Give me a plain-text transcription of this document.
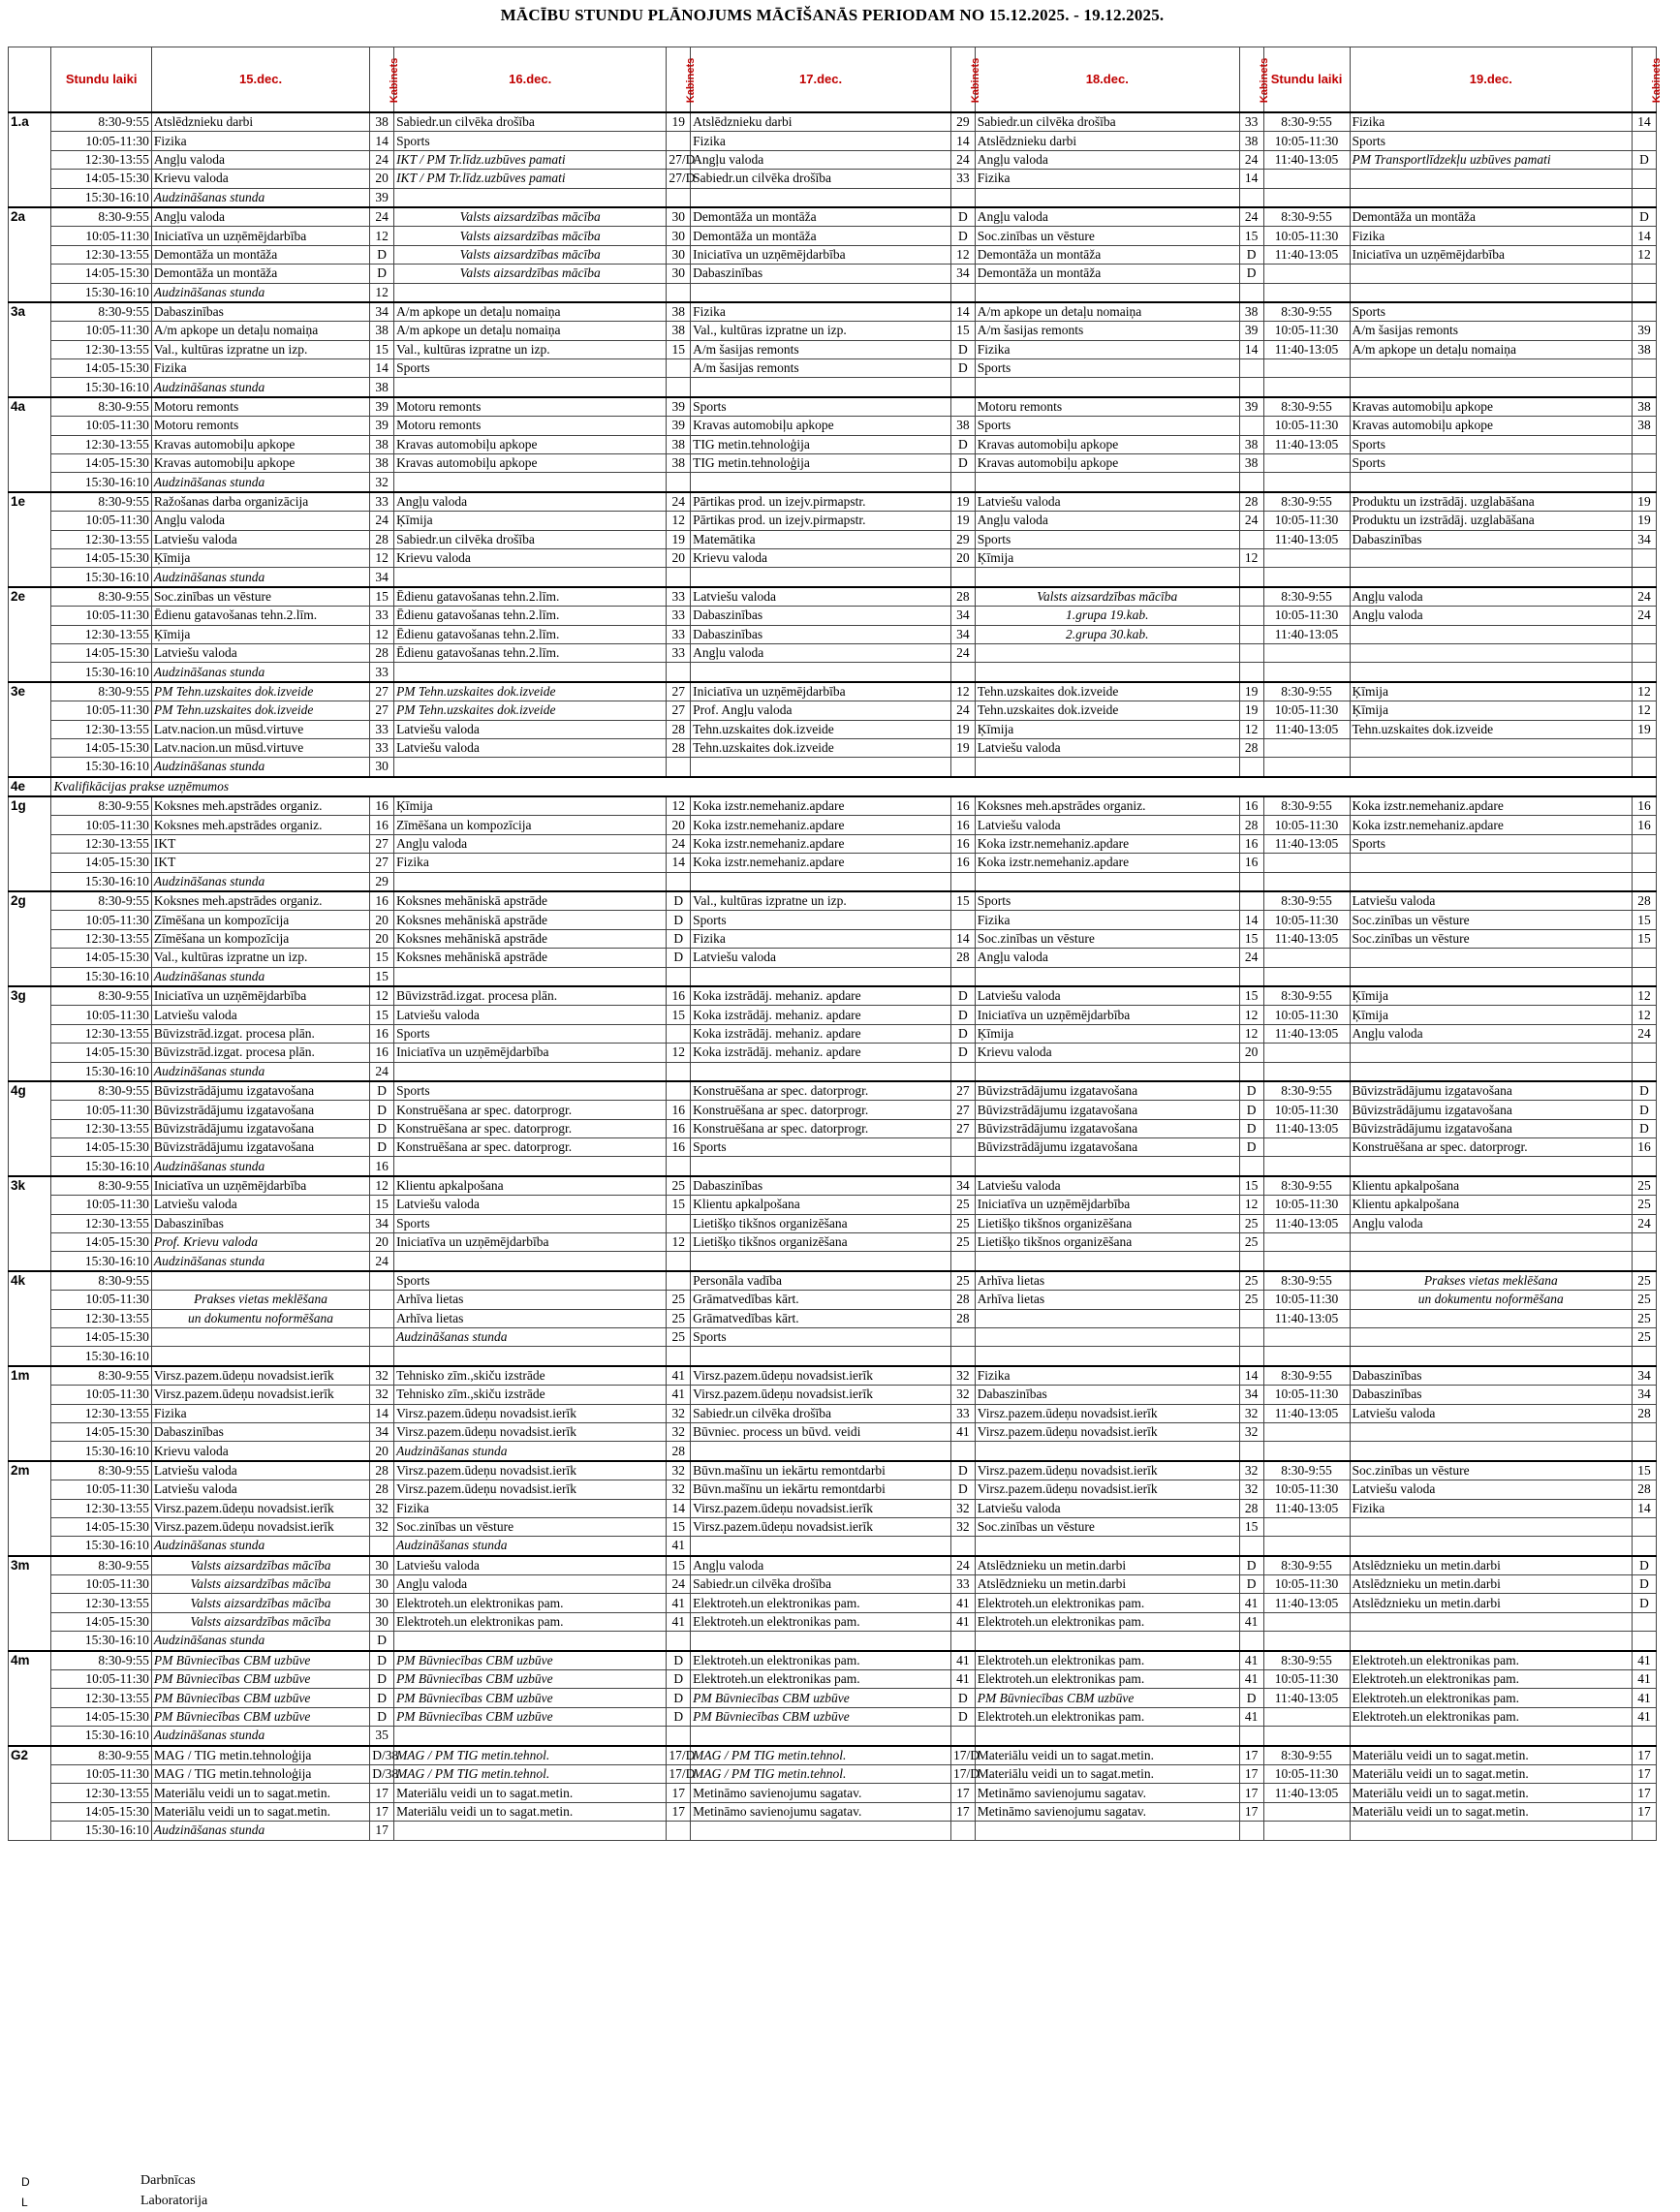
MĀCĪBU STUNDU PLĀNOJUMS MĀCĪŠANĀS PERIODAM NO 15.12.2025. - 19.12.2025.
	Stundu laiki	15.dec.	Kabinets	16.dec.	Kabinets	17.dec.	Kabinets	18.dec.	Kabinets	Stundu laiki	19.dec.	Kabinets
1.a	8:30-9:55	Atslēdznieku darbi	38	Sabiedr.un cilvēka drošība	19	Atslēdznieku darbi	29	Sabiedr.un cilvēka drošība	33	8:30-9:55	Fizika	14
	10:05-11:30	Fizika	14	Sports		Fizika	14	Atslēdznieku darbi	38	10:05-11:30	Sports	
	12:30-13:55	Angļu valoda	24	IKT / PM Tr.līdz.uzbūves pamati	27/D	Angļu valoda	24	Angļu valoda	24	11:40-13:05	PM Transportlīdzekļu uzbūves pamati	D
	14:05-15:30	Krievu valoda	20	IKT / PM Tr.līdz.uzbūves pamati	27/D	Sabiedr.un cilvēka drošība	33	Fizika	14			
	15:30-16:10	Audzināšanas stunda	39									
2a	8:30-9:55	Angļu valoda	24	Valsts aizsardzības mācība	30	Demontāža un montāža	D	Angļu valoda	24	8:30-9:55	Demontāža un montāža	D
	10:05-11:30	Iniciatīva un uzņēmējdarbība	12	Valsts aizsardzības mācība	30	Demontāža un montāža	D	Soc.zinības un vēsture	15	10:05-11:30	Fizika	14
	12:30-13:55	Demontāža un montāža	D	Valsts aizsardzības mācība	30	Iniciatīva un uzņēmējdarbība	12	Demontāža un montāža	D	11:40-13:05	Iniciatīva un uzņēmējdarbība	12
	14:05-15:30	Demontāža un montāža	D	Valsts aizsardzības mācība	30	Dabaszinības	34	Demontāža un montāža	D			
	15:30-16:10	Audzināšanas stunda	12									
3a	8:30-9:55	Dabaszinības	34	A/m apkope un detaļu nomaiņa	38	Fizika	14	A/m apkope un detaļu nomaiņa	38	8:30-9:55	Sports	
	10:05-11:30	A/m apkope un detaļu nomaiņa	38	A/m apkope un detaļu nomaiņa	38	Val., kultūras izpratne un izp.	15	A/m šasijas remonts	39	10:05-11:30	A/m šasijas remonts	39
	12:30-13:55	Val., kultūras izpratne un izp.	15	Val., kultūras izpratne un izp.	15	A/m šasijas remonts	D	Fizika	14	11:40-13:05	A/m apkope un detaļu nomaiņa	38
	14:05-15:30	Fizika	14	Sports		A/m šasijas remonts	D	Sports				
	15:30-16:10	Audzināšanas stunda	38									
4a	8:30-9:55	Motoru remonts	39	Motoru remonts	39	Sports		Motoru remonts	39	8:30-9:55	Kravas automobiļu apkope	38
	10:05-11:30	Motoru remonts	39	Motoru remonts	39	Kravas automobiļu apkope	38	Sports		10:05-11:30	Kravas automobiļu apkope	38
	12:30-13:55	Kravas automobiļu apkope	38	Kravas automobiļu apkope	38	TIG metin.tehnoloģija	D	Kravas automobiļu apkope	38	11:40-13:05	Sports	
	14:05-15:30	Kravas automobiļu apkope	38	Kravas automobiļu apkope	38	TIG metin.tehnoloģija	D	Kravas automobiļu apkope	38		Sports	
	15:30-16:10	Audzināšanas stunda	32									
1e	8:30-9:55	Ražošanas darba organizācija	33	Angļu valoda	24	Pārtikas prod. un izejv.pirmapstr.	19	Latviešu valoda	28	8:30-9:55	Produktu un izstrādāj. uzglabāšana	19
	10:05-11:30	Angļu valoda	24	Ķīmija	12	Pārtikas prod. un izejv.pirmapstr.	19	Angļu valoda	24	10:05-11:30	Produktu un izstrādāj. uzglabāšana	19
	12:30-13:55	Latviešu valoda	28	Sabiedr.un cilvēka drošība	19	Matemātika	29	Sports		11:40-13:05	Dabaszinības	34
	14:05-15:30	Ķīmija	12	Krievu valoda	20	Krievu valoda	20	Ķīmija	12			
	15:30-16:10	Audzināšanas stunda	34									
2e	8:30-9:55	Soc.zinības un vēsture	15	Ēdienu gatavošanas tehn.2.līm.	33	Latviešu valoda	28	Valsts aizsardzības mācība		8:30-9:55	Angļu valoda	24
	10:05-11:30	Ēdienu gatavošanas tehn.2.līm.	33	Ēdienu gatavošanas tehn.2.līm.	33	Dabaszinības	34	1.grupa 19.kab.		10:05-11:30	Angļu valoda	24
	12:30-13:55	Ķīmija	12	Ēdienu gatavošanas tehn.2.līm.	33	Dabaszinības	34	2.grupa 30.kab.		11:40-13:05		
	14:05-15:30	Latviešu valoda	28	Ēdienu gatavošanas tehn.2.līm.	33	Angļu valoda	24					
	15:30-16:10	Audzināšanas stunda	33									
3e	8:30-9:55	PM Tehn.uzskaites dok.izveide	27	PM Tehn.uzskaites dok.izveide	27	Iniciatīva un uzņēmējdarbība	12	Tehn.uzskaites dok.izveide	19	8:30-9:55	Ķīmija	12
	10:05-11:30	PM Tehn.uzskaites dok.izveide	27	PM Tehn.uzskaites dok.izveide	27	Prof. Angļu valoda	24	Tehn.uzskaites dok.izveide	19	10:05-11:30	Ķīmija	12
	12:30-13:55	Latv.nacion.un mūsd.virtuve	33	Latviešu valoda	28	Tehn.uzskaites dok.izveide	19	Ķīmija	12	11:40-13:05	Tehn.uzskaites dok.izveide	19
	14:05-15:30	Latv.nacion.un mūsd.virtuve	33	Latviešu valoda	28	Tehn.uzskaites dok.izveide	19	Latviešu valoda	28			
	15:30-16:10	Audzināšanas stunda	30									
4e	Kvalifikācijas prakse uzņēmumos											
1g	8:30-9:55	Koksnes meh.apstrādes organiz.	16	Ķīmija	12	Koka izstr.nemehaniz.apdare	16	Koksnes meh.apstrādes organiz.	16	8:30-9:55	Koka izstr.nemehaniz.apdare	16
	10:05-11:30	Koksnes meh.apstrādes organiz.	16	Zīmēšana un kompozīcija	20	Koka izstr.nemehaniz.apdare	16	Latviešu valoda	28	10:05-11:30	Koka izstr.nemehaniz.apdare	16
	12:30-13:55	IKT	27	Angļu valoda	24	Koka izstr.nemehaniz.apdare	16	Koka izstr.nemehaniz.apdare	16	11:40-13:05	Sports	
	14:05-15:30	IKT	27	Fizika	14	Koka izstr.nemehaniz.apdare	16	Koka izstr.nemehaniz.apdare	16			
	15:30-16:10	Audzināšanas stunda	29									
2g	8:30-9:55	Koksnes meh.apstrādes organiz.	16	Koksnes mehāniskā apstrāde	D	Val., kultūras izpratne un izp.	15	Sports		8:30-9:55	Latviešu valoda	28
	10:05-11:30	Zīmēšana un kompozīcija	20	Koksnes mehāniskā apstrāde	D	Sports		Fizika	14	10:05-11:30	Soc.zinības un vēsture	15
	12:30-13:55	Zīmēšana un kompozīcija	20	Koksnes mehāniskā apstrāde	D	Fizika	14	Soc.zinības un vēsture	15	11:40-13:05	Soc.zinības un vēsture	15
	14:05-15:30	Val., kultūras izpratne un izp.	15	Koksnes mehāniskā apstrāde	D	Latviešu valoda	28	Angļu valoda	24			
	15:30-16:10	Audzināšanas stunda	15									
3g	8:30-9:55	Iniciatīva un uzņēmējdarbība	12	Būvizstrād.izgat. procesa plān.	16	Koka izstrādāj. mehaniz. apdare	D	Latviešu valoda	15	8:30-9:55	Ķīmija	12
	10:05-11:30	Latviešu valoda	15	Latviešu valoda	15	Koka izstrādāj. mehaniz. apdare	D	Iniciatīva un uzņēmējdarbība	12	10:05-11:30	Ķīmija	12
	12:30-13:55	Būvizstrād.izgat. procesa plān.	16	Sports		Koka izstrādāj. mehaniz. apdare	D	Ķīmija	12	11:40-13:05	Angļu valoda	24
	14:05-15:30	Būvizstrād.izgat. procesa plān.	16	Iniciatīva un uzņēmējdarbība	12	Koka izstrādāj. mehaniz. apdare	D	Krievu valoda	20			
	15:30-16:10	Audzināšanas stunda	24									
4g	8:30-9:55	Būvizstrādājumu izgatavošana	D	Sports		Konstruēšana ar spec. datorprogr.	27	Būvizstrādājumu izgatavošana	D	8:30-9:55	Būvizstrādājumu izgatavošana	D
	10:05-11:30	Būvizstrādājumu izgatavošana	D	Konstruēšana ar spec. datorprogr.	16	Konstruēšana ar spec. datorprogr.	27	Būvizstrādājumu izgatavošana	D	10:05-11:30	Būvizstrādājumu izgatavošana	D
	12:30-13:55	Būvizstrādājumu izgatavošana	D	Konstruēšana ar spec. datorprogr.	16	Konstruēšana ar spec. datorprogr.	27	Būvizstrādājumu izgatavošana	D	11:40-13:05	Būvizstrādājumu izgatavošana	D
	14:05-15:30	Būvizstrādājumu izgatavošana	D	Konstruēšana ar spec. datorprogr.	16	Sports		Būvizstrādājumu izgatavošana	D		Konstruēšana ar spec. datorprogr.	16
	15:30-16:10	Audzināšanas stunda	16									
3k	8:30-9:55	Iniciatīva un uzņēmējdarbība	12	Klientu apkalpošana	25	Dabaszinības	34	Latviešu valoda	15	8:30-9:55	Klientu apkalpošana	25
	10:05-11:30	Latviešu valoda	15	Latviešu valoda	15	Klientu apkalpošana	25	Iniciatīva un uzņēmējdarbība	12	10:05-11:30	Klientu apkalpošana	25
	12:30-13:55	Dabaszinības	34	Sports		Lietišķo tikšnos organizēšana	25	Lietišķo tikšnos organizēšana	25	11:40-13:05	Angļu valoda	24
	14:05-15:30	Prof. Krievu valoda	20	Iniciatīva un uzņēmējdarbība	12	Lietišķo tikšnos organizēšana	25	Lietišķo tikšnos organizēšana	25			
	15:30-16:10	Audzināšanas stunda	24									
4k	8:30-9:55			Sports		Personāla vadība	25	Arhīva lietas	25	8:30-9:55	Prakses vietas meklēšana	25
	10:05-11:30	Prakses vietas meklēšana		Arhīva lietas	25	Grāmatvedības kārt.	28	Arhīva lietas	25	10:05-11:30	un dokumentu noformēšana	25
	12:30-13:55	un dokumentu noformēšana		Arhīva lietas	25	Grāmatvedības kārt.	28			11:40-13:05		25
	14:05-15:30			Audzināšanas stunda	25	Sports						25
	15:30-16:10											
1m	8:30-9:55	Virsz.pazem.ūdeņu novadsist.ierīk	32	Tehnisko zīm.,skiču izstrāde	41	Virsz.pazem.ūdeņu novadsist.ierīk	32	Fizika	14	8:30-9:55	Dabaszinības	34
	10:05-11:30	Virsz.pazem.ūdeņu novadsist.ierīk	32	Tehnisko zīm.,skiču izstrāde	41	Virsz.pazem.ūdeņu novadsist.ierīk	32	Dabaszinības	34	10:05-11:30	Dabaszinības	34
	12:30-13:55	Fizika	14	Virsz.pazem.ūdeņu novadsist.ierīk	32	Sabiedr.un cilvēka drošība	33	Virsz.pazem.ūdeņu novadsist.ierīk	32	11:40-13:05	Latviešu valoda	28
	14:05-15:30	Dabaszinības	34	Virsz.pazem.ūdeņu novadsist.ierīk	32	Būvniec. process un būvd. veidi	41	Virsz.pazem.ūdeņu novadsist.ierīk	32			
	15:30-16:10	Krievu valoda	20	Audzināšanas stunda	28							
2m	8:30-9:55	Latviešu valoda	28	Virsz.pazem.ūdeņu novadsist.ierīk	32	Būvn.mašīnu un iekārtu remontdarbi	D	Virsz.pazem.ūdeņu novadsist.ierīk	32	8:30-9:55	Soc.zinības un vēsture	15
	10:05-11:30	Latviešu valoda	28	Virsz.pazem.ūdeņu novadsist.ierīk	32	Būvn.mašīnu un iekārtu remontdarbi	D	Virsz.pazem.ūdeņu novadsist.ierīk	32	10:05-11:30	Latviešu valoda	28
	12:30-13:55	Virsz.pazem.ūdeņu novadsist.ierīk	32	Fizika	14	Virsz.pazem.ūdeņu novadsist.ierīk	32	Latviešu valoda	28	11:40-13:05	Fizika	14
	14:05-15:30	Virsz.pazem.ūdeņu novadsist.ierīk	32	Soc.zinības un vēsture	15	Virsz.pazem.ūdeņu novadsist.ierīk	32	Soc.zinības un vēsture	15			
	15:30-16:10	Audzināšanas stunda		Audzināšanas stunda	41							
3m	8:30-9:55	Valsts aizsardzības mācība	30	Latviešu valoda	15	Angļu valoda	24	Atslēdznieku un metin.darbi	D	8:30-9:55	Atslēdznieku un metin.darbi	D
	10:05-11:30	Valsts aizsardzības mācība	30	Angļu valoda	24	Sabiedr.un cilvēka drošība	33	Atslēdznieku un metin.darbi	D	10:05-11:30	Atslēdznieku un metin.darbi	D
	12:30-13:55	Valsts aizsardzības mācība	30	Elektroteh.un elektronikas pam.	41	Elektroteh.un elektronikas pam.	41	Elektroteh.un elektronikas pam.	41	11:40-13:05	Atslēdznieku un metin.darbi	D
	14:05-15:30	Valsts aizsardzības mācība	30	Elektroteh.un elektronikas pam.	41	Elektroteh.un elektronikas pam.	41	Elektroteh.un elektronikas pam.	41			
	15:30-16:10	Audzināšanas stunda	D									
4m	8:30-9:55	PM Būvniecības CBM uzbūve	D	PM Būvniecības CBM uzbūve	D	Elektroteh.un elektronikas pam.	41	Elektroteh.un elektronikas pam.	41	8:30-9:55	Elektroteh.un elektronikas pam.	41
	10:05-11:30	PM Būvniecības CBM uzbūve	D	PM Būvniecības CBM uzbūve	D	Elektroteh.un elektronikas pam.	41	Elektroteh.un elektronikas pam.	41	10:05-11:30	Elektroteh.un elektronikas pam.	41
	12:30-13:55	PM Būvniecības CBM uzbūve	D	PM Būvniecības CBM uzbūve	D	PM Būvniecības CBM uzbūve	D	PM Būvniecības CBM uzbūve	D	11:40-13:05	Elektroteh.un elektronikas pam.	41
	14:05-15:30	PM Būvniecības CBM uzbūve	D	PM Būvniecības CBM uzbūve	D	PM Būvniecības CBM uzbūve	D	Elektroteh.un elektronikas pam.	41		Elektroteh.un elektronikas pam.	41
	15:30-16:10	Audzināšanas stunda	35									
G2	8:30-9:55	MAG / TIG metin.tehnoloģija	D/38	MAG / PM TIG metin.tehnol.	17/D	MAG / PM TIG metin.tehnol.	17/D	Materiālu veidi un to sagat.metin.	17	8:30-9:55	Materiālu veidi un to sagat.metin.	17
	10:05-11:30	MAG / TIG metin.tehnoloģija	D/38	MAG / PM TIG metin.tehnol.	17/D	MAG / PM TIG metin.tehnol.	17/D	Materiālu veidi un to sagat.metin.	17	10:05-11:30	Materiālu veidi un to sagat.metin.	17
	12:30-13:55	Materiālu veidi un to sagat.metin.	17	Materiālu veidi un to sagat.metin.	17	Metināmo savienojumu sagatav.	17	Metināmo savienojumu sagatav.	17	11:40-13:05	Materiālu veidi un to sagat.metin.	17
	14:05-15:30	Materiālu veidi un to sagat.metin.	17	Materiālu veidi un to sagat.metin.	17	Metināmo savienojumu sagatav.	17	Metināmo savienojumu sagatav.	17		Materiālu veidi un to sagat.metin.	17
	15:30-16:10	Audzināšanas stunda	17									
D	Darbnīcas
L	Laboratorija
